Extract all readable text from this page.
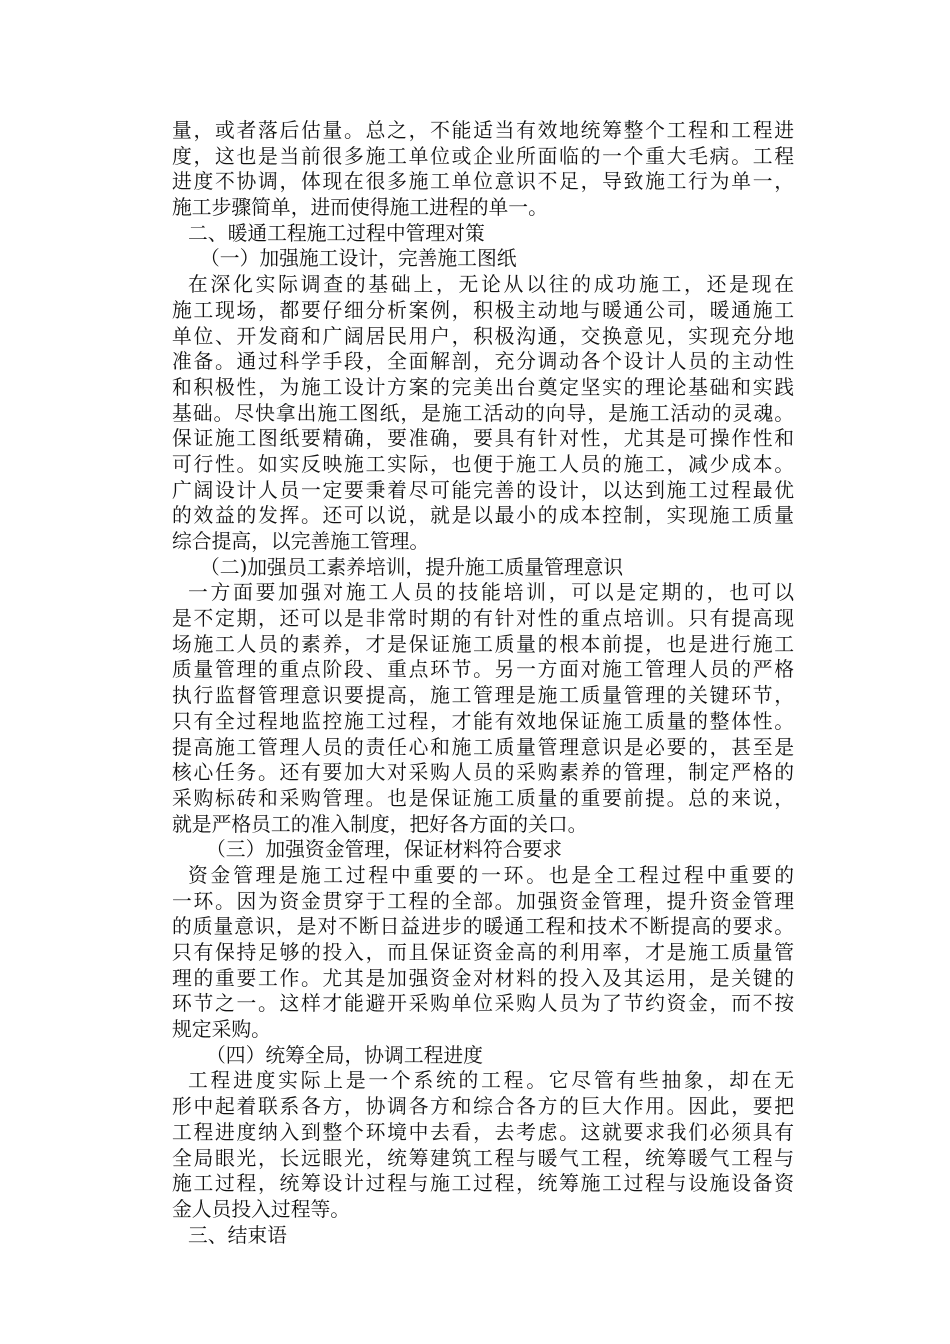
量，或者落后估量。总之，不能适当有效地统筹整个工程和工程进
度，这也是当前很多施工单位或企业所面临的一个重大毛病。工程
进度不协调，体现在很多施工单位意识不足，导致施工行为单一，
施工步骤简单，进而使得施工进程的单一。
二、暖通工程施工过程中管理对策
（一）加强施工设计，完善施工图纸
在深化实际调查的基础上，无论从以往的成功施工，还是现在
施工现场，都要仔细分析案例，积极主动地与暖通公司，暖通施工
单位、开发商和广阔居民用户，积极沟通，交换意见，实现充分地
准备。通过科学手段，全面解剖，充分调动各个设计人员的主动性
和积极性，为施工设计方案的完美出台奠定坚实的理论基础和实践
基础。尽快拿出施工图纸，是施工活动的向导，是施工活动的灵魂。
保证施工图纸要精确，要准确，要具有针对性，尤其是可操作性和
可行性。如实反映施工实际，也便于施工人员的施工，减少成本。
广阔设计人员一定要秉着尽可能完善的设计，以达到施工过程最优
的效益的发挥。还可以说，就是以最小的成本控制，实现施工质量
综合提高，以完善施工管理。
（二)加强员工素养培训，提升施工质量管理意识
一方面要加强对施工人员的技能培训，可以是定期的，也可以
是不定期，还可以是非常时期的有针对性的重点培训。只有提高现
场施工人员的素养，才是保证施工质量的根本前提，也是进行施工
质量管理的重点阶段、重点环节。另一方面对施工管理人员的严格
执行监督管理意识要提高，施工管理是施工质量管理的关键环节，
只有全过程地监控施工过程，才能有效地保证施工质量的整体性。
提高施工管理人员的责任心和施工质量管理意识是必要的，甚至是
核心任务。还有要加大对采购人员的采购素养的管理，制定严格的
采购标砖和采购管理。也是保证施工质量的重要前提。总的来说，
就是严格员工的准入制度，把好各方面的关口。
（三）加强资金管理，保证材料符合要求
资金管理是施工过程中重要的一环。也是全工程过程中重要的
一环。因为资金贯穿于工程的全部。加强资金管理，提升资金管理
的质量意识，是对不断日益进步的暖通工程和技术不断提高的要求。
只有保持足够的投入，而且保证资金高的利用率，才是施工质量管
理的重要工作。尤其是加强资金对材料的投入及其运用，是关键的
环节之一。这样才能避开采购单位采购人员为了节约资金，而不按
规定采购。
（四）统筹全局，协调工程进度
工程进度实际上是一个系统的工程。它尽管有些抽象，却在无
形中起着联系各方，协调各方和综合各方的巨大作用。因此，要把
工程进度纳入到整个环境中去看，去考虑。这就要求我们必须具有
全局眼光，长远眼光，统筹建筑工程与暖气工程，统筹暖气工程与
施工过程，统筹设计过程与施工过程，统筹施工过程与设施设备资
金人员投入过程等。
三、结束语
